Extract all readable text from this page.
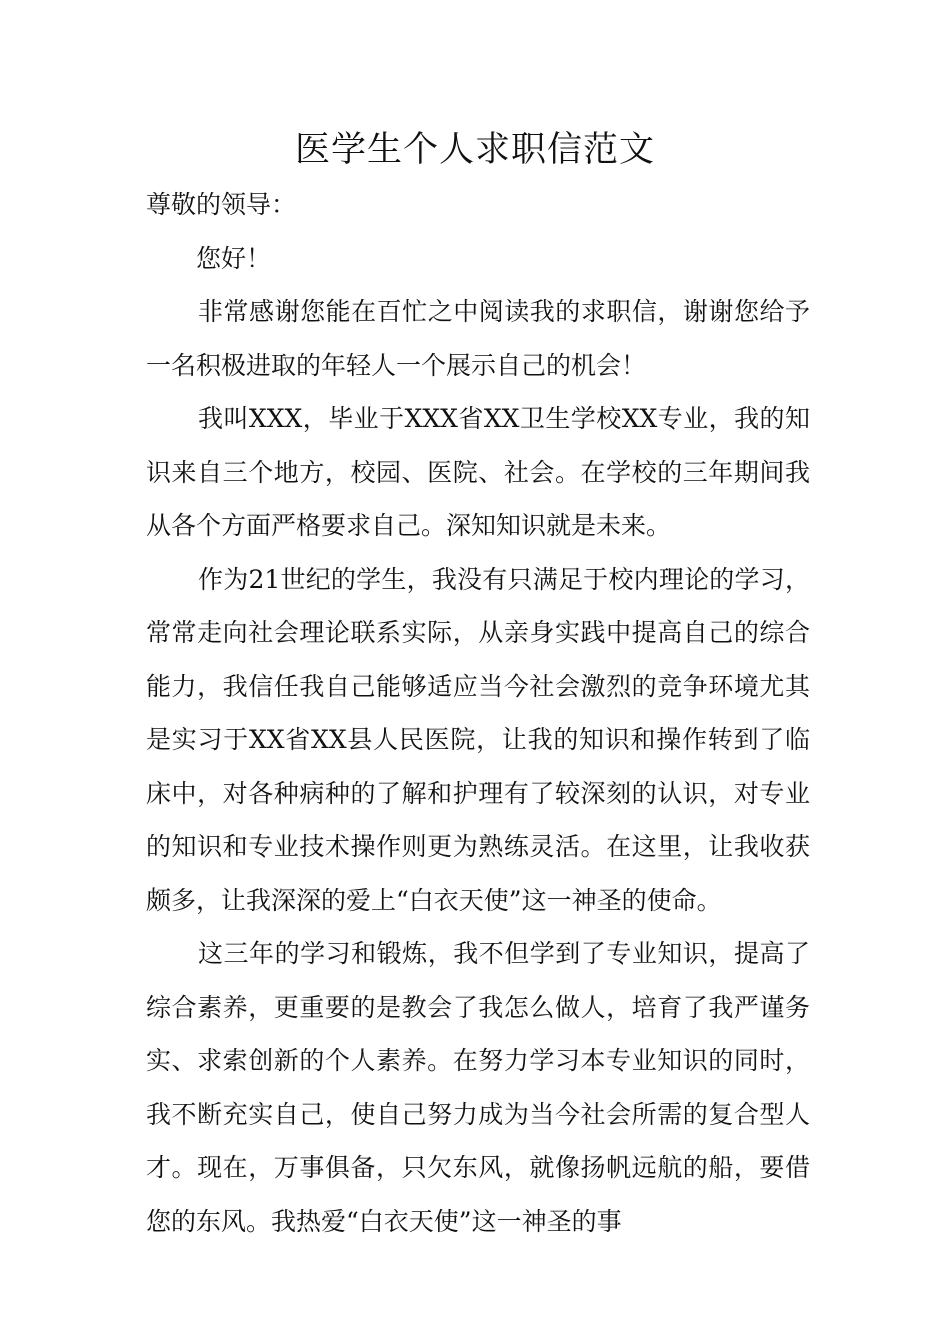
医学生个人求职信范文

尊敬的领导：

您好！

非常感谢您能在百忙之中阅读我的求职信，谢谢您给予一名积极进取的年轻人一个展示自己的机会！

我叫XXX，毕业于XXX省XX卫生学校XX专业，我的知识来自三个地方，校园、医院、社会。在学校的三年期间我从各个方面严格要求自己。深知知识就是未来。

作为21世纪的学生，我没有只满足于校内理论的学习，常常走向社会理论联系实际，从亲身实践中提高自己的综合能力，我信任我自己能够适应当今社会激烈的竞争环境尤其是实习于XX省XX县人民医院，让我的知识和操作转到了临床中，对各种病种的了解和护理有了较深刻的认识，对专业的知识和专业技术操作则更为熟练灵活。在这里，让我收获颇多，让我深深的爱上“白衣天使”这一神圣的使命。

这三年的学习和锻炼，我不但学到了专业知识，提高了综合素养，更重要的是教会了我怎么做人，培育了我严谨务实、求索创新的个人素养。在努力学习本专业知识的同时，我不断充实自己，使自己努力成为当今社会所需的复合型人才。现在，万事俱备，只欠东风，就像扬帆远航的船，要借您的东风。我热爱“白衣天使”这一神圣的事
